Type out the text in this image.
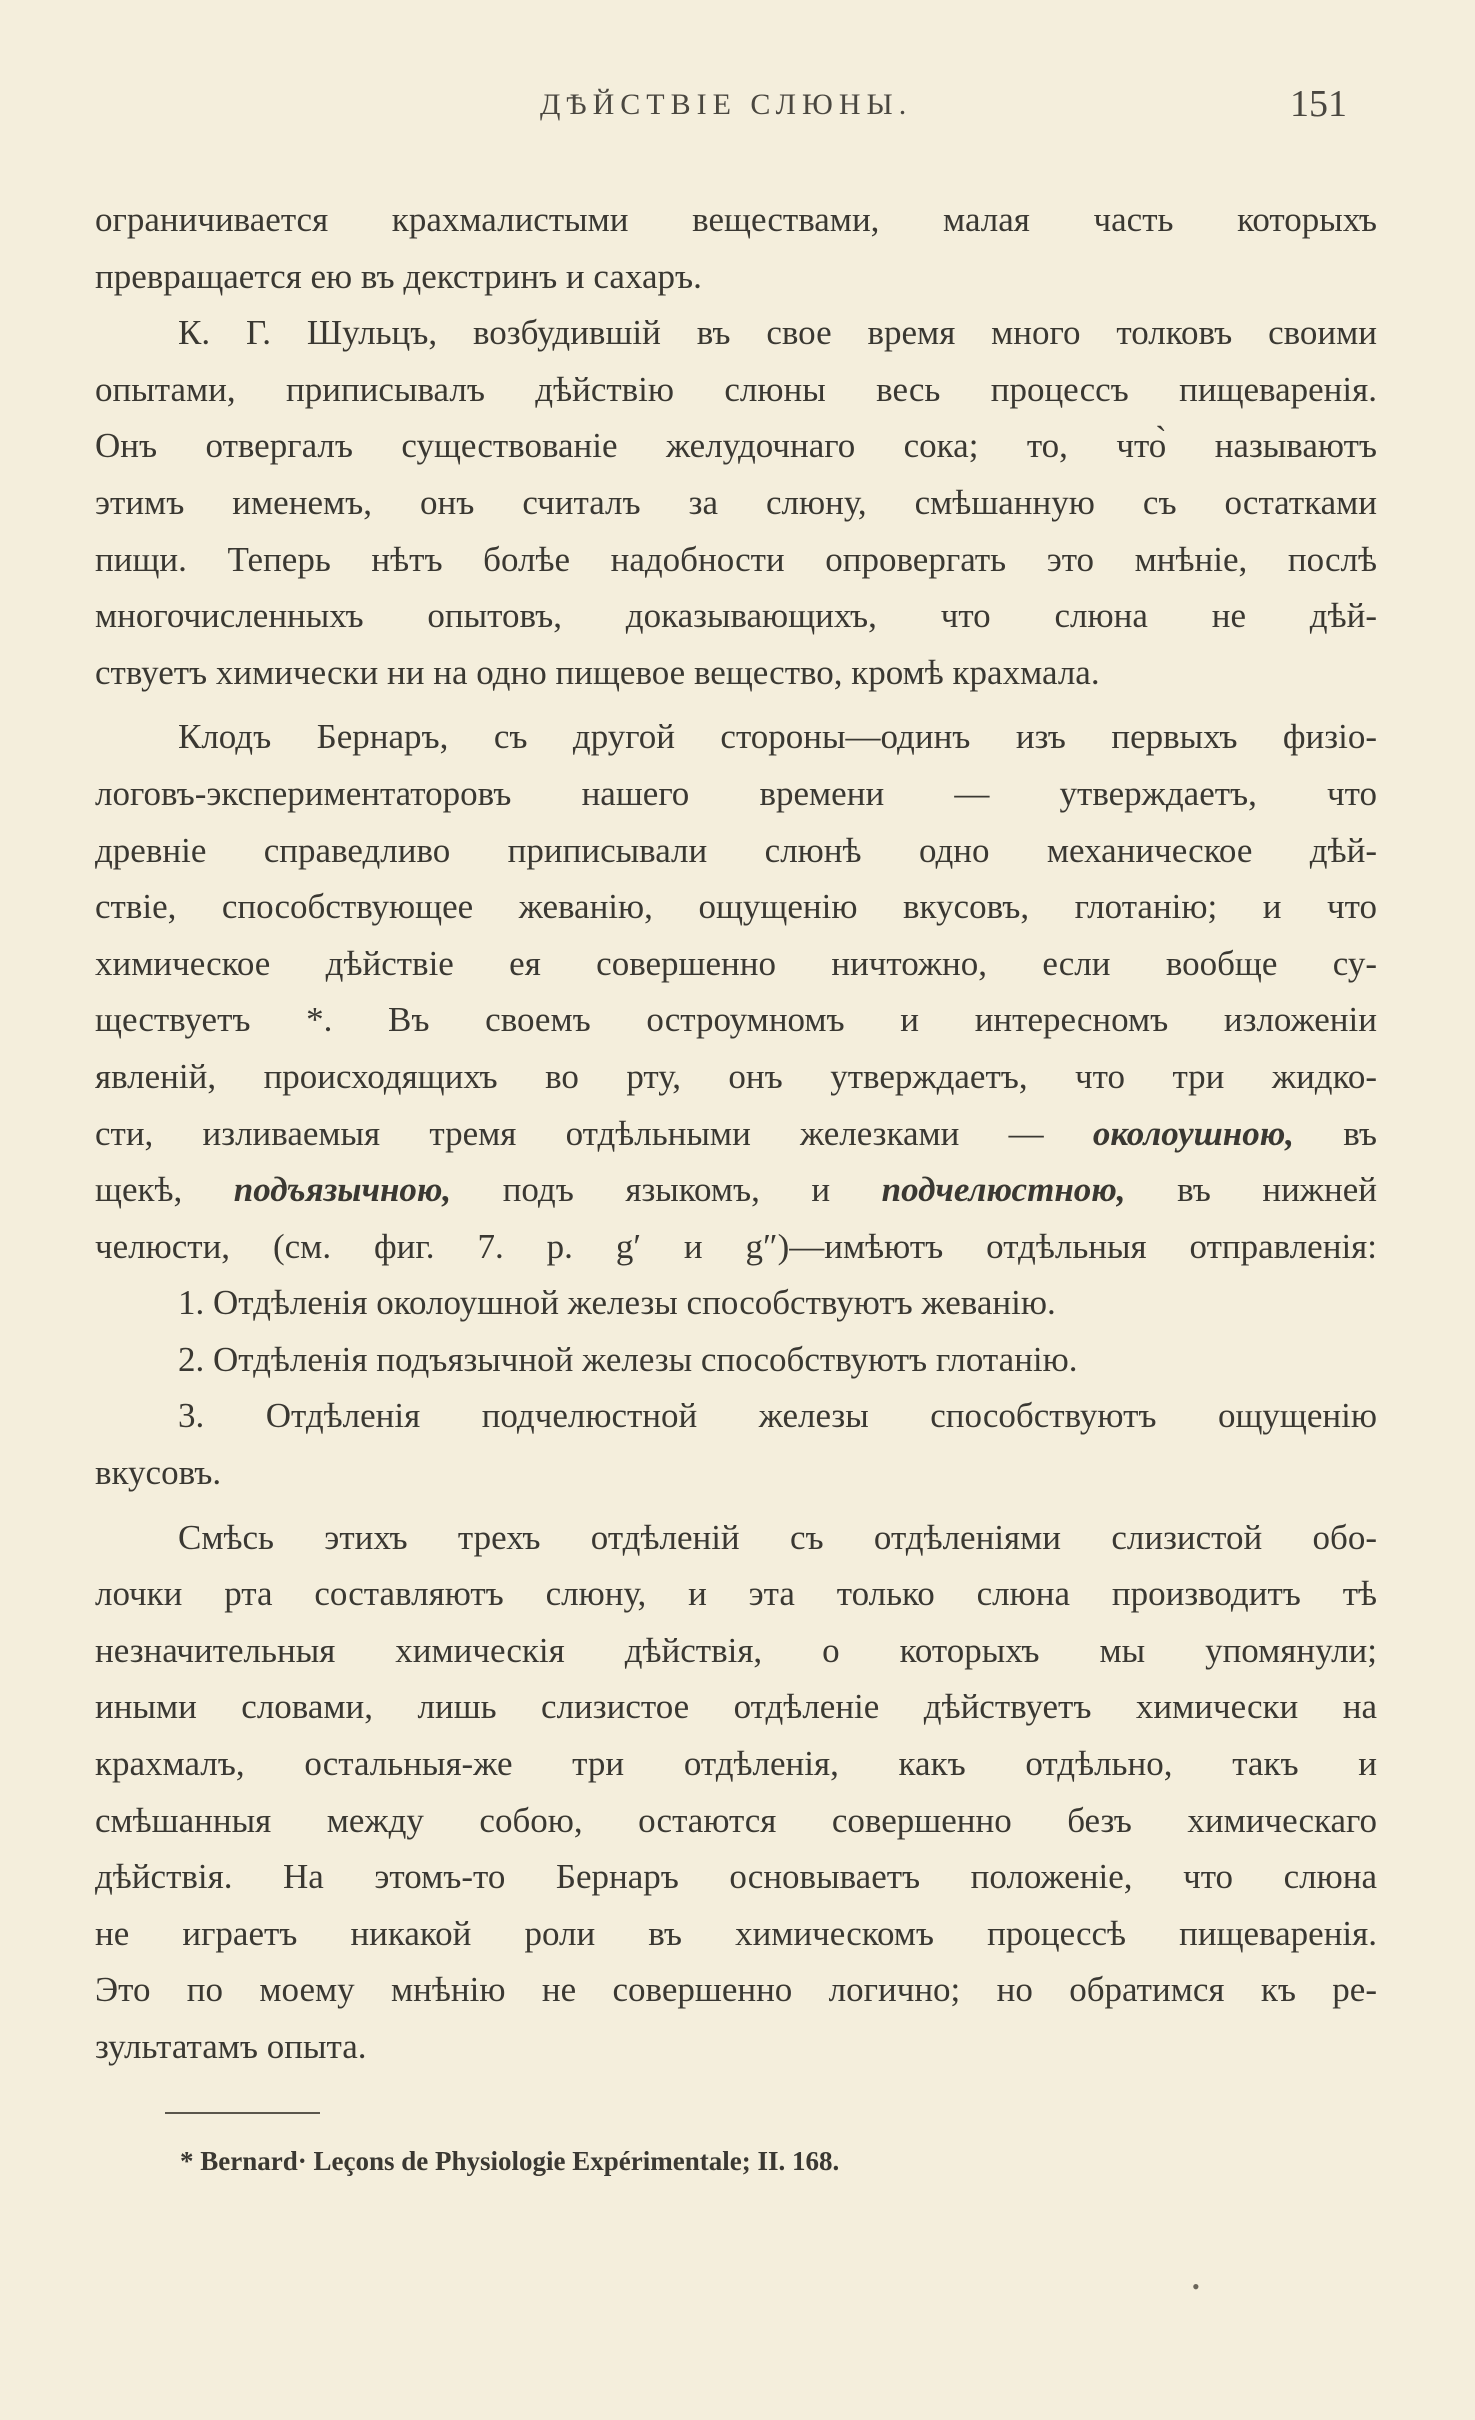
ДѢЙСТВІЕ СЛЮНЫ.	151
ограничивается крахмалистыми веществами, малая часть которыхъ
превращается ею въ декстринъ и сахаръ.
К. Г. Шульцъ, возбудившій въ свое время много толковъ своими
опытами, приписывалъ дѣйствію слюны весь процессъ пищеваренія.
Онъ отвергалъ существованіе желудочнаго сока; то, что̀ называютъ
этимъ именемъ, онъ считалъ за слюну, смѣшанную съ остатками
пищи. Теперь нѣтъ болѣе надобности опровергать это мнѣніе, послѣ
многочисленныхъ опытовъ, доказывающихъ, что слюна не дѣй-
ствуетъ химически ни на одно пищевое вещество, кромѣ крахмала.
Клодъ Бернаръ, съ другой стороны—одинъ изъ первыхъ физіо-
логовъ-экспериментаторовъ нашего времени — утверждаетъ, что
древніе справедливо приписывали слюнѣ одно механическое дѣй-
ствіе, способствующее жеванію, ощущенію вкусовъ, глотанію; и что
химическое дѣйствіе ея совершенно ничтожно, если вообще су-
ществуетъ *. Въ своемъ остроумномъ и интересномъ изложеніи
явленій, происходящихъ во рту, онъ утверждаетъ, что три жидко-
сти, изливаемыя тремя отдѣльными железками — околоушною, въ
щекѣ, подъязычною, подъ языкомъ, и подчелюстною, въ нижней
челюсти, (см. фиг. 7. р. g′ и g″)—имѣютъ отдѣльныя отправленія:
1. Отдѣленія околоушной железы способствуютъ жеванію.
2. Отдѣленія подъязычной железы способствуютъ глотанію.
3. Отдѣленія подчелюстной железы способствуютъ ощущенію
вкусовъ.
Смѣсь этихъ трехъ отдѣленій съ отдѣленіями слизистой обо-
лочки рта составляютъ слюну, и эта только слюна производитъ тѣ
незначительныя химическія дѣйствія, о которыхъ мы упомянули;
иными словами, лишь слизистое отдѣленіе дѣйствуетъ химически на
крахмалъ, остальныя-же три отдѣленія, какъ отдѣльно, такъ и
смѣшанныя между собою, остаются совершенно безъ химическаго
дѣйствія. На этомъ-то Бернаръ основываетъ положеніе, что слюна
не играетъ никакой роли въ химическомъ процессѣ пищеваренія.
Это по моему мнѣнію не совершенно логично; но обратимся къ ре-
зультатамъ опыта.
* Bernard· Leçons de Physiologie Expérimentale; II. 168.
•
